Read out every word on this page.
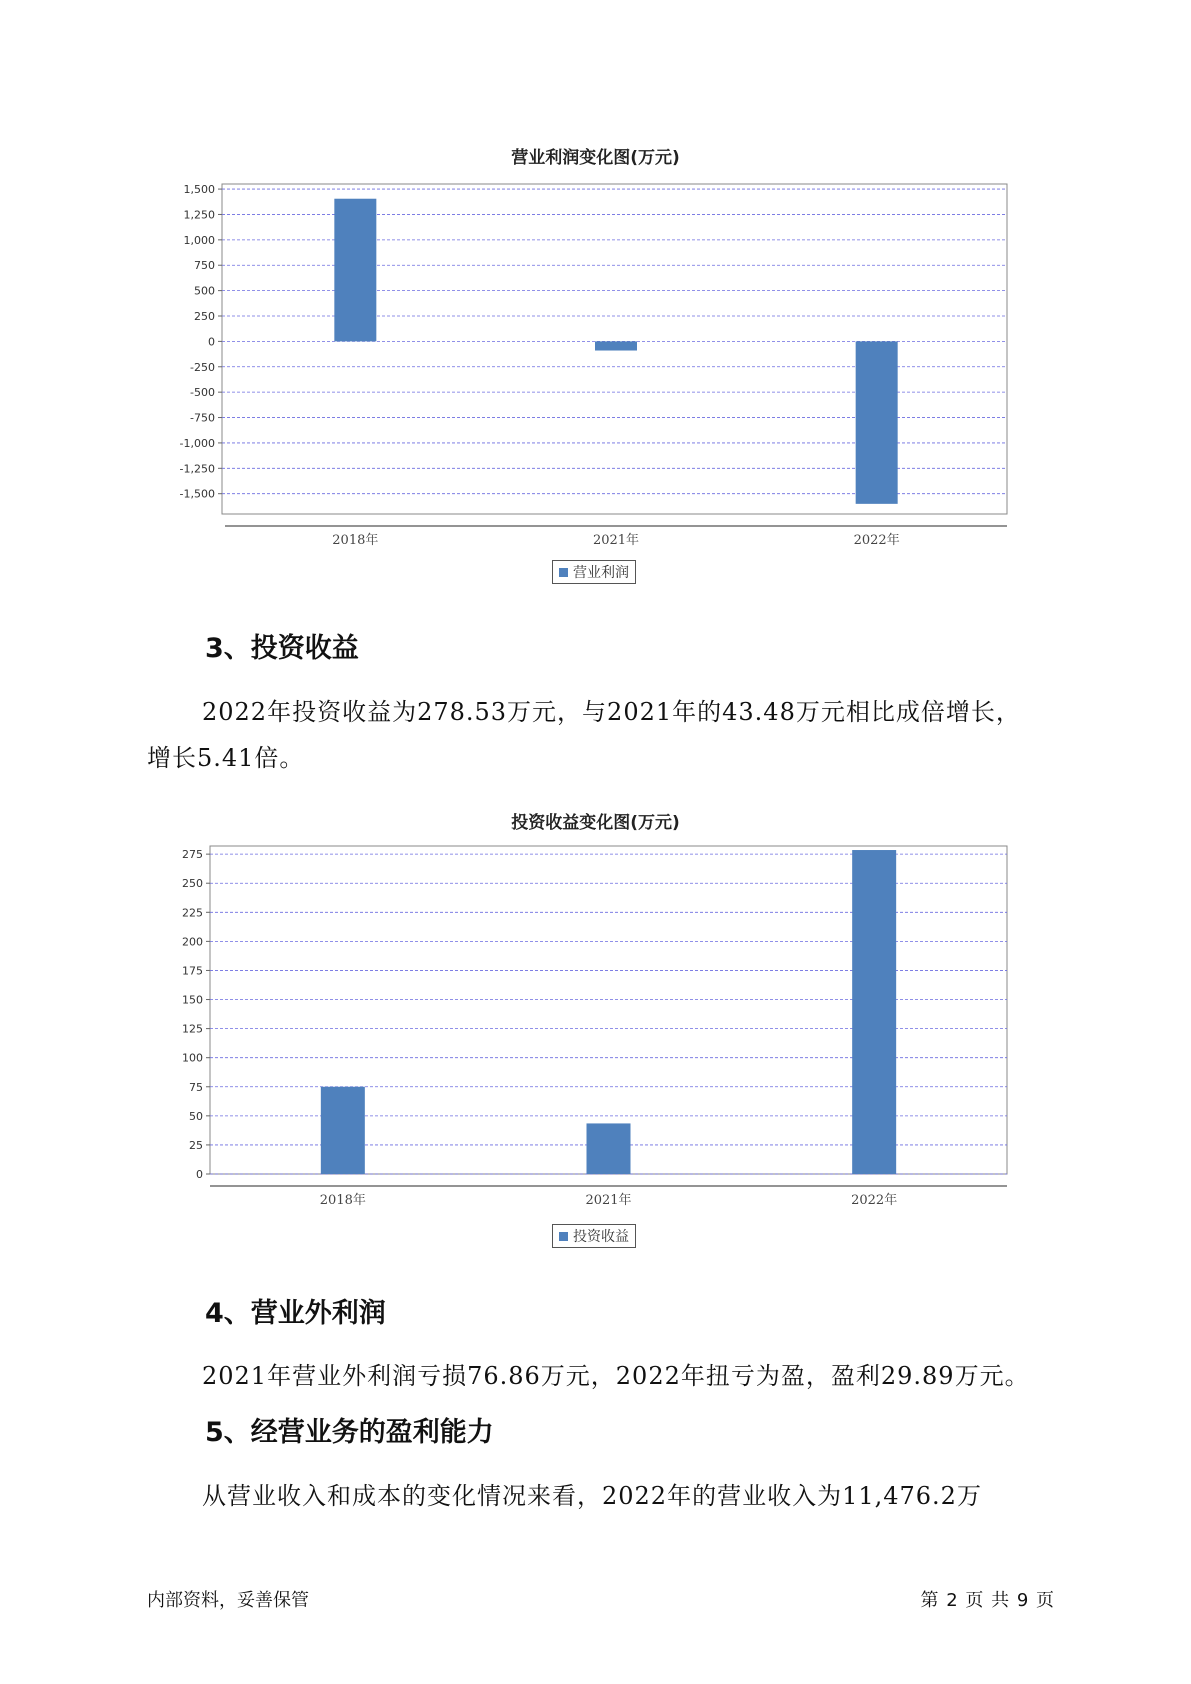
营业利润变化图(万元)
1,500
1,250
1,000
750
500
250
0
-250
-500
-750
-1,000
-1,250
-1,500
2018年	2021年	2022年
营业利润
3、投资收益
2022年投资收益为278.53万元，与2021年的43.48万元相比成倍增长，
增长5.41倍。
投资收益变化图(万元)
275
250
225
200
175
150
125
100
75
50
25
0
2018年	2021年	2022年
投资收益
4、营业外利润
2021年营业外利润亏损76.86万元，2022年扭亏为盈，盈利29.89万元。
5、经营业务的盈利能力
从营业收入和成本的变化情况来看，2022年的营业收入为11,476.2万
内部资料，妥善保管	第 2 页 共 9 页
